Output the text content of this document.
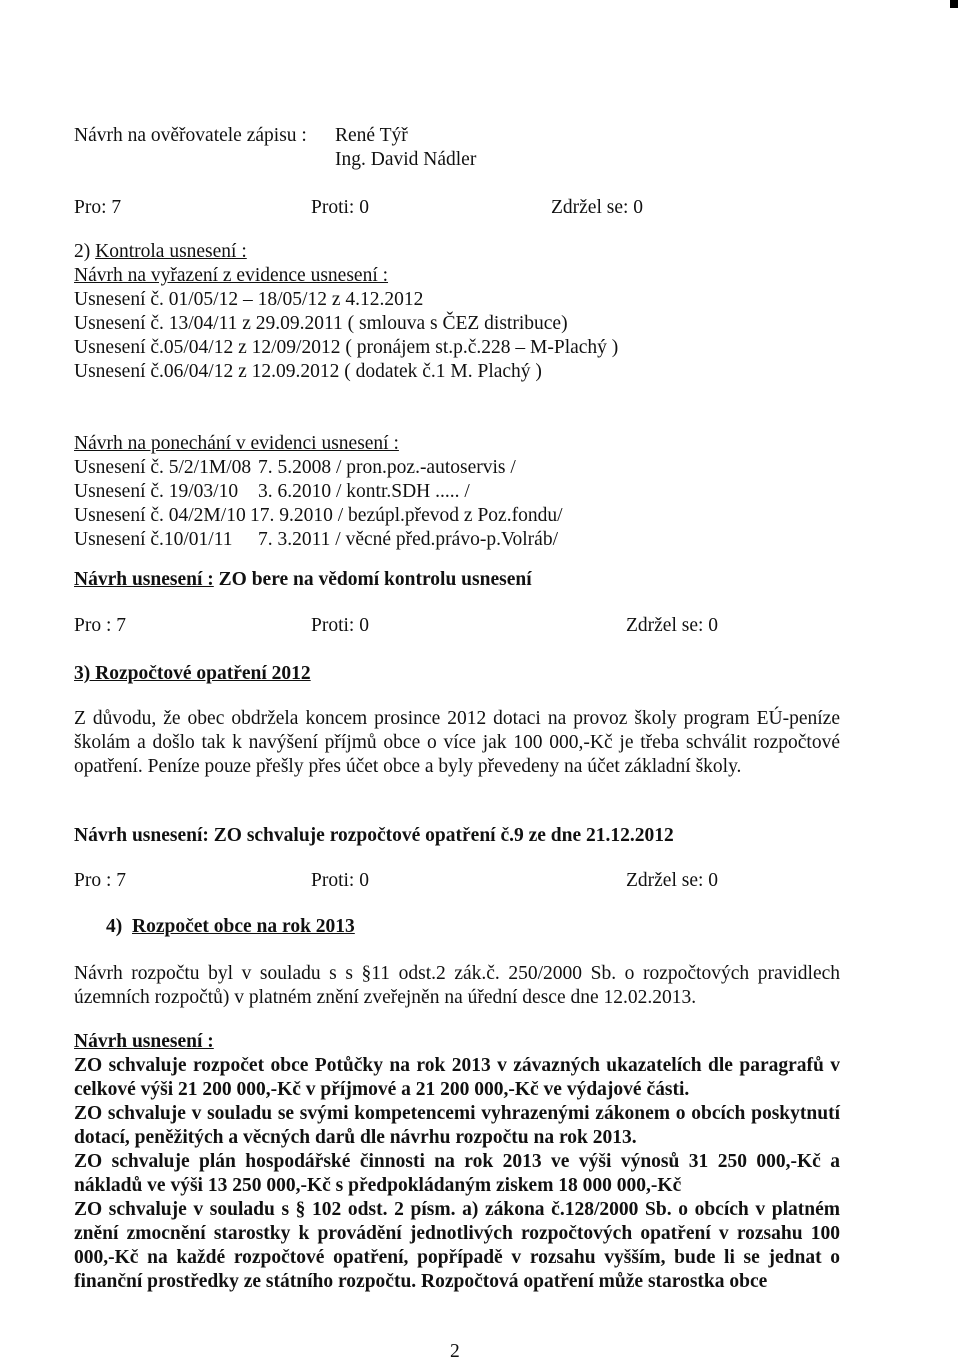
Návrh na ověřovatele zápisu : René Týř
Ing. David Nádler
Pro: 7	Proti: 0	Zdržel se: 0
2) Kontrola usnesení :
Návrh na vyřazení z evidence usnesení :
Usnesení č. 01/05/12 – 18/05/12 z 4.12.2012
Usnesení č. 13/04/11 z 29.09.2011 ( smlouva s ČEZ distribuce)
Usnesení č.05/04/12 z 12/09/2012 ( pronájem st.p.č.228 – M-Plachý )
Usnesení č.06/04/12 z 12.09.2012 ( dodatek č.1 M. Plachý )
Návrh na ponechání v evidenci usnesení :
Usnesení č. 5/2/1M/08 7. 5.2008 / pron.poz.-autoservis /
Usnesení č. 19/03/10 3. 6.2010 / kontr.SDH ..... /
Usnesení č. 04/2M/10 17. 9.2010 / bezúpl.převod z Poz.fondu/
Usnesení č.10/01/11 7. 3.2011 / věcné před.právo-p.Volráb/
Návrh usnesení : ZO bere na vědomí kontrolu usnesení
Pro : 7	Proti: 0	Zdržel se: 0
3) Rozpočtové opatření 2012
Z důvodu, že obec obdržela koncem prosince 2012 dotaci na provoz školy program EÚ-peníze školám a došlo tak k navýšení příjmů obce o více jak 100 000,-Kč je třeba schválit rozpočtové opatření. Peníze pouze přešly přes účet obce a byly převedeny na účet základní školy.
Návrh usnesení: ZO schvaluje rozpočtové opatření č.9 ze dne 21.12.2012
Pro : 7	Proti: 0	Zdržel se: 0
4) Rozpočet obce na rok 2013
Návrh rozpočtu byl v souladu s s §11 odst.2 zák.č. 250/2000 Sb. o rozpočtových pravidlech územních rozpočtů) v platném znění zveřejněn na úřední desce dne 12.02.2013.
Návrh usnesení :
ZO schvaluje rozpočet obce Potůčky na rok 2013 v závazných ukazatelích dle paragrafů v celkové výši 21 200 000,-Kč v příjmové a 21 200 000,-Kč ve výdajové části.
ZO schvaluje v souladu se svými kompetencemi vyhrazenými zákonem o obcích poskytnutí dotací, peněžitých a věcných darů dle návrhu rozpočtu na rok 2013.
ZO schvaluje plán hospodářské činnosti na rok 2013 ve výši výnosů 31 250 000,-Kč a nákladů ve výši 13 250 000,-Kč s předpokládaným ziskem 18 000 000,-Kč
ZO schvaluje v souladu s § 102 odst. 2 písm. a) zákona č.128/2000 Sb. o obcích v platném znění zmocnění starostky k provádění jednotlivých rozpočtových opatření v rozsahu 100 000,-Kč na každé rozpočtové opatření, popřípadě v rozsahu vyšším, bude li se jednat o finanční prostředky ze státního rozpočtu. Rozpočtová opatření může starostka obce
2
